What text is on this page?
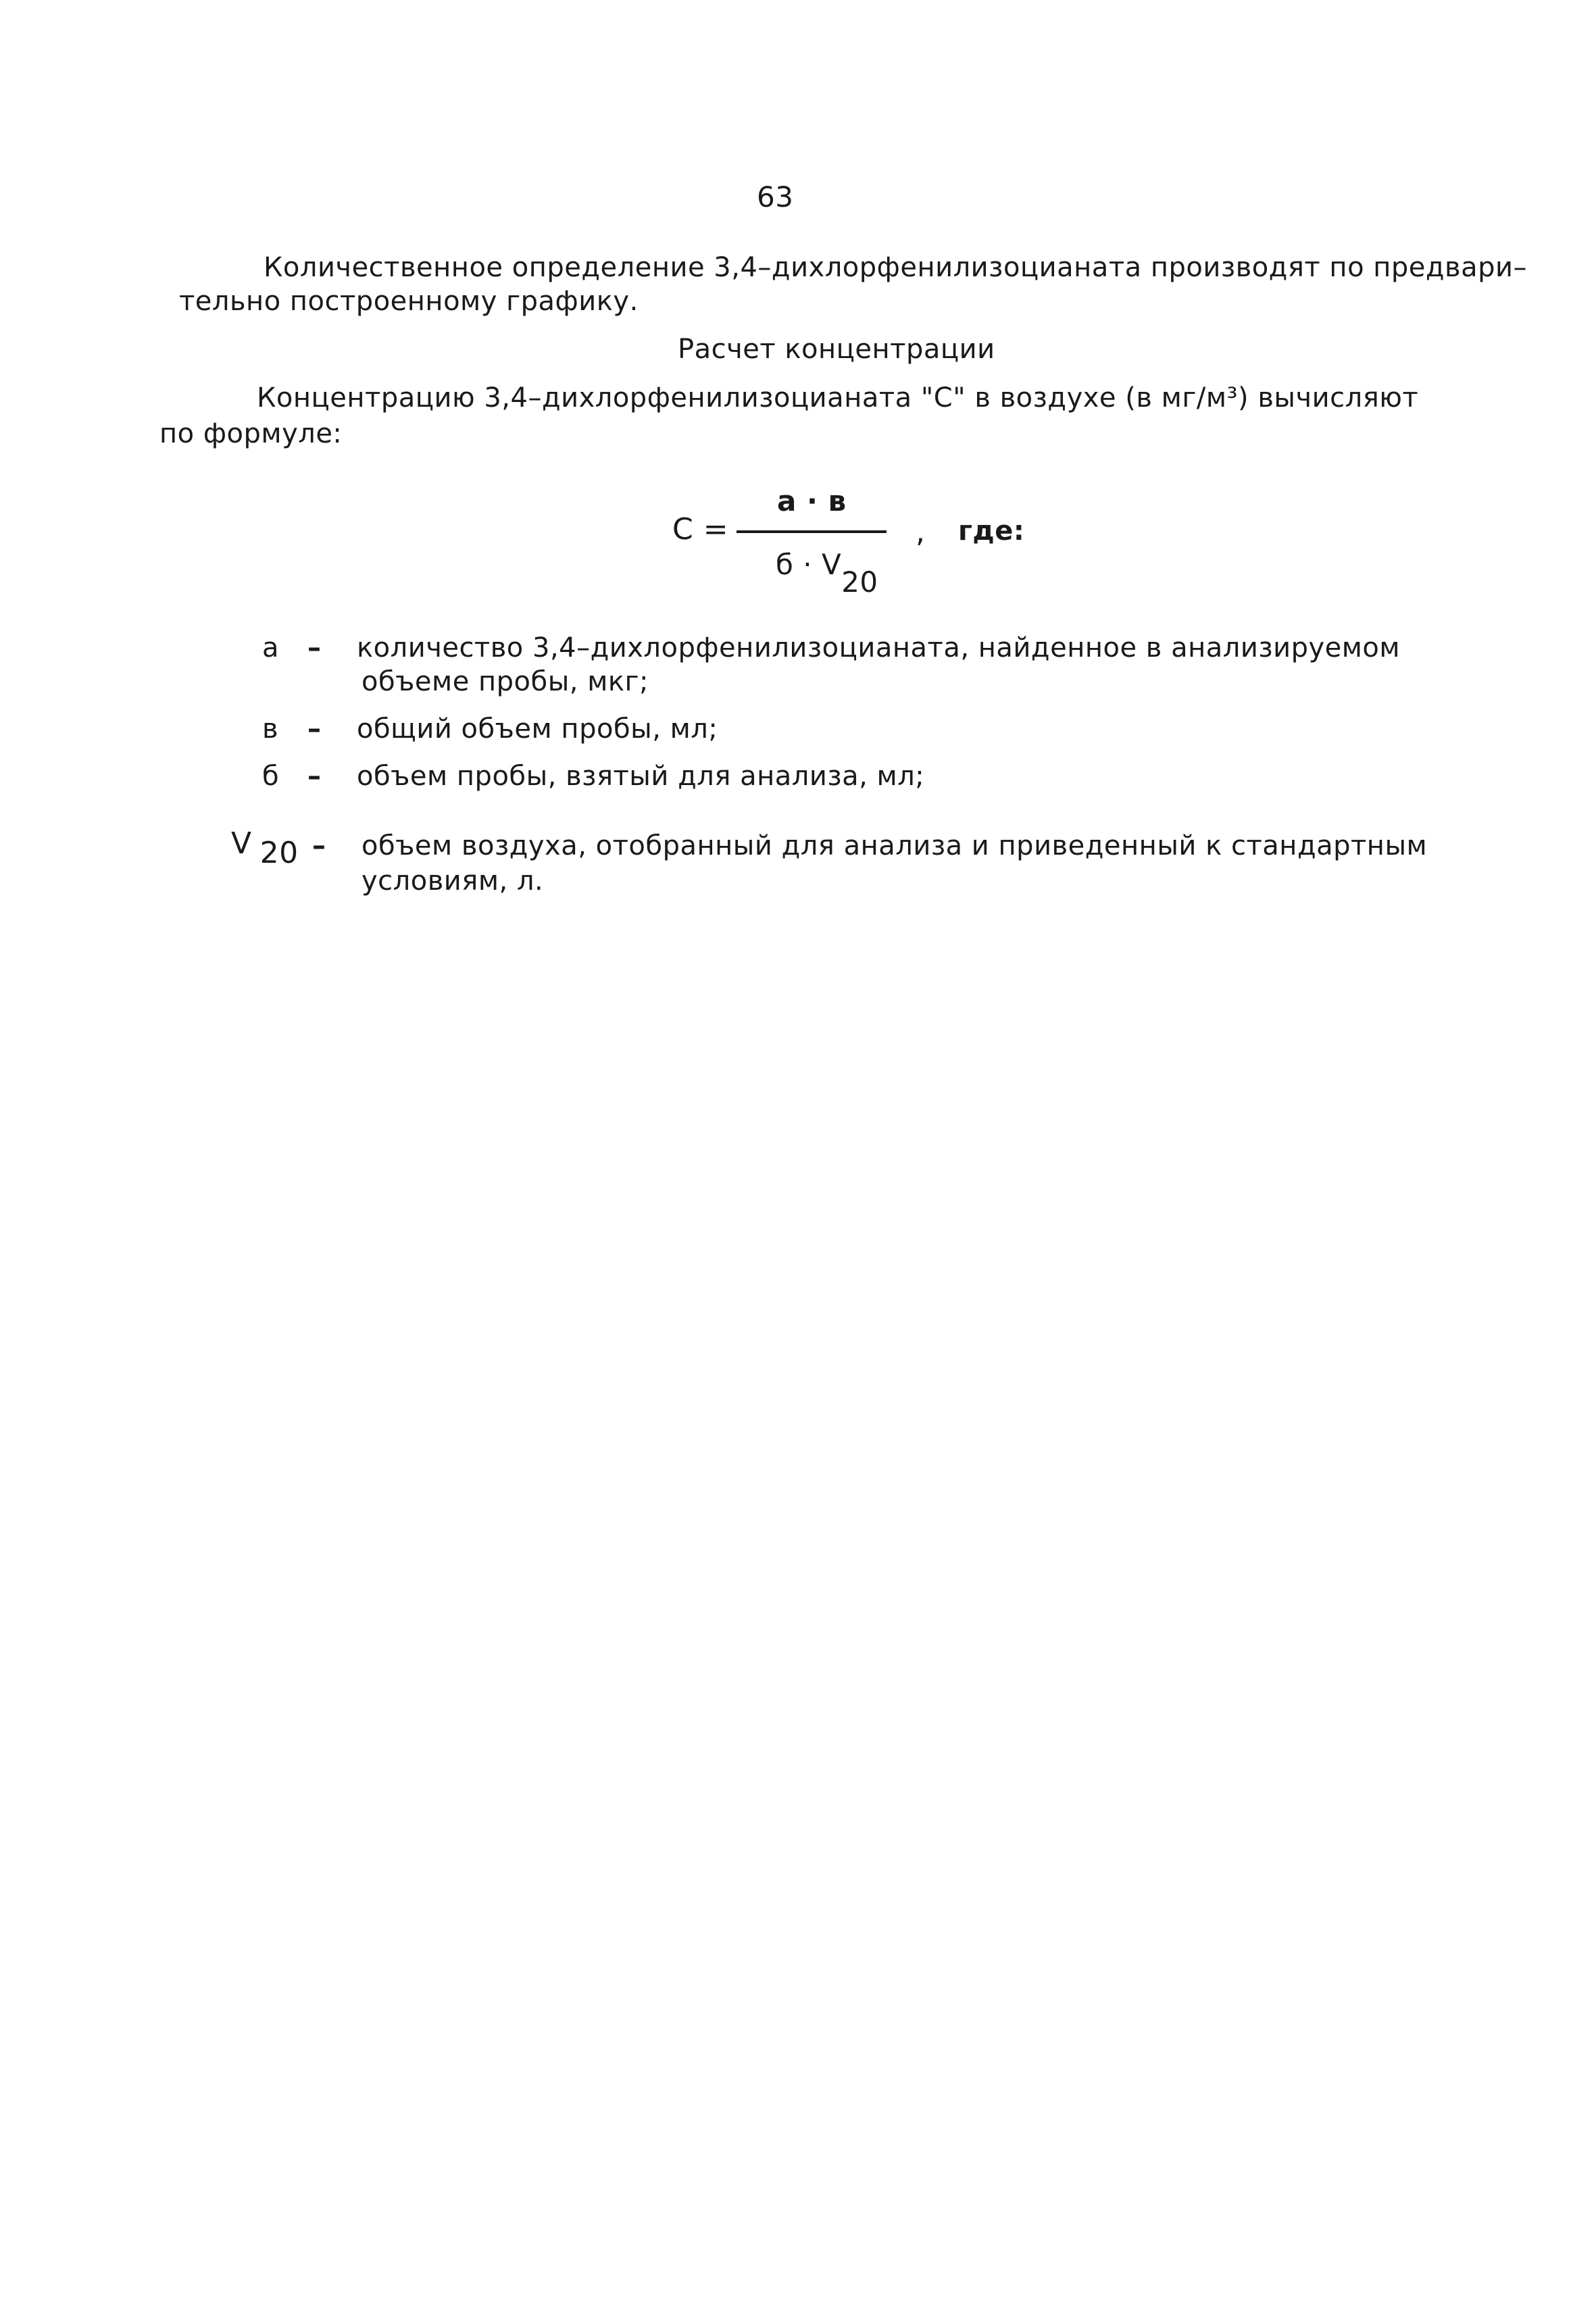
63
Количественное определение 3,4–дихлорфенилизоцианата производят по предвари–
тельно построенному графику.
Расчет концентрации
Концентрацию 3,4–дихлорфенилизоцианата "С" в воздухе (в мг/м³) вычисляют
по формуле:
С =
а · в
б · V20
, где:
а – количество 3,4–дихлорфенилизоцианата, найденное в анализируемом
объеме пробы, мкг;
в – общий объем пробы, мл;
б – объем пробы, взятый для анализа, мл;
V 20 – объем воздуха, отобранный для анализа и приведенный к стандартным
условиям, л.
